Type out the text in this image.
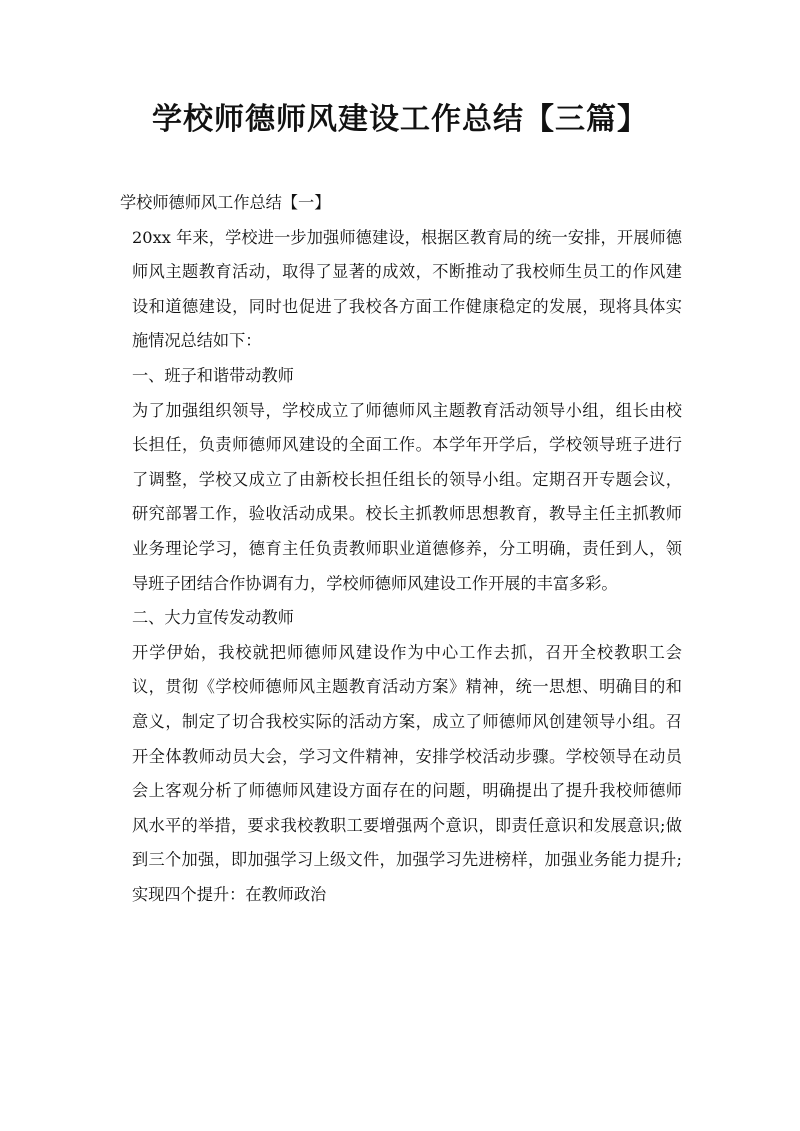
学校师德师风建设工作总结【三篇】

学校师德师风工作总结【一】

20xx 年来，学校进一步加强师德建设，根据区教育局的统一安排，开展师德师风主题教育活动，取得了显著的成效，不断推动了我校师生员工的作风建设和道德建设，同时也促进了我校各方面工作健康稳定的发展，现将具体实施情况总结如下：

一、班子和谐带动教师

为了加强组织领导，学校成立了师德师风主题教育活动领导小组，组长由校长担任，负责师德师风建设的全面工作。本学年开学后，学校领导班子进行了调整，学校又成立了由新校长担任组长的领导小组。定期召开专题会议，研究部署工作，验收活动成果。校长主抓教师思想教育，教导主任主抓教师业务理论学习，德育主任负责教师职业道德修养，分工明确，责任到人，领导班子团结合作协调有力，学校师德师风建设工作开展的丰富多彩。

二、大力宣传发动教师

开学伊始，我校就把师德师风建设作为中心工作去抓，召开全校教职工会议，贯彻《学校师德师风主题教育活动方案》精神，统一思想、明确目的和意义，制定了切合我校实际的活动方案，成立了师德师风创建领导小组。召开全体教师动员大会，学习文件精神，安排学校活动步骤。学校领导在动员会上客观分析了师德师风建设方面存在的问题，明确提出了提升我校师德师风水平的举措，要求我校教职工要增强两个意识，即责任意识和发展意识;做到三个加强，即加强学习上级文件，加强学习先进榜样，加强业务能力提升;实现四个提升：在教师政治
